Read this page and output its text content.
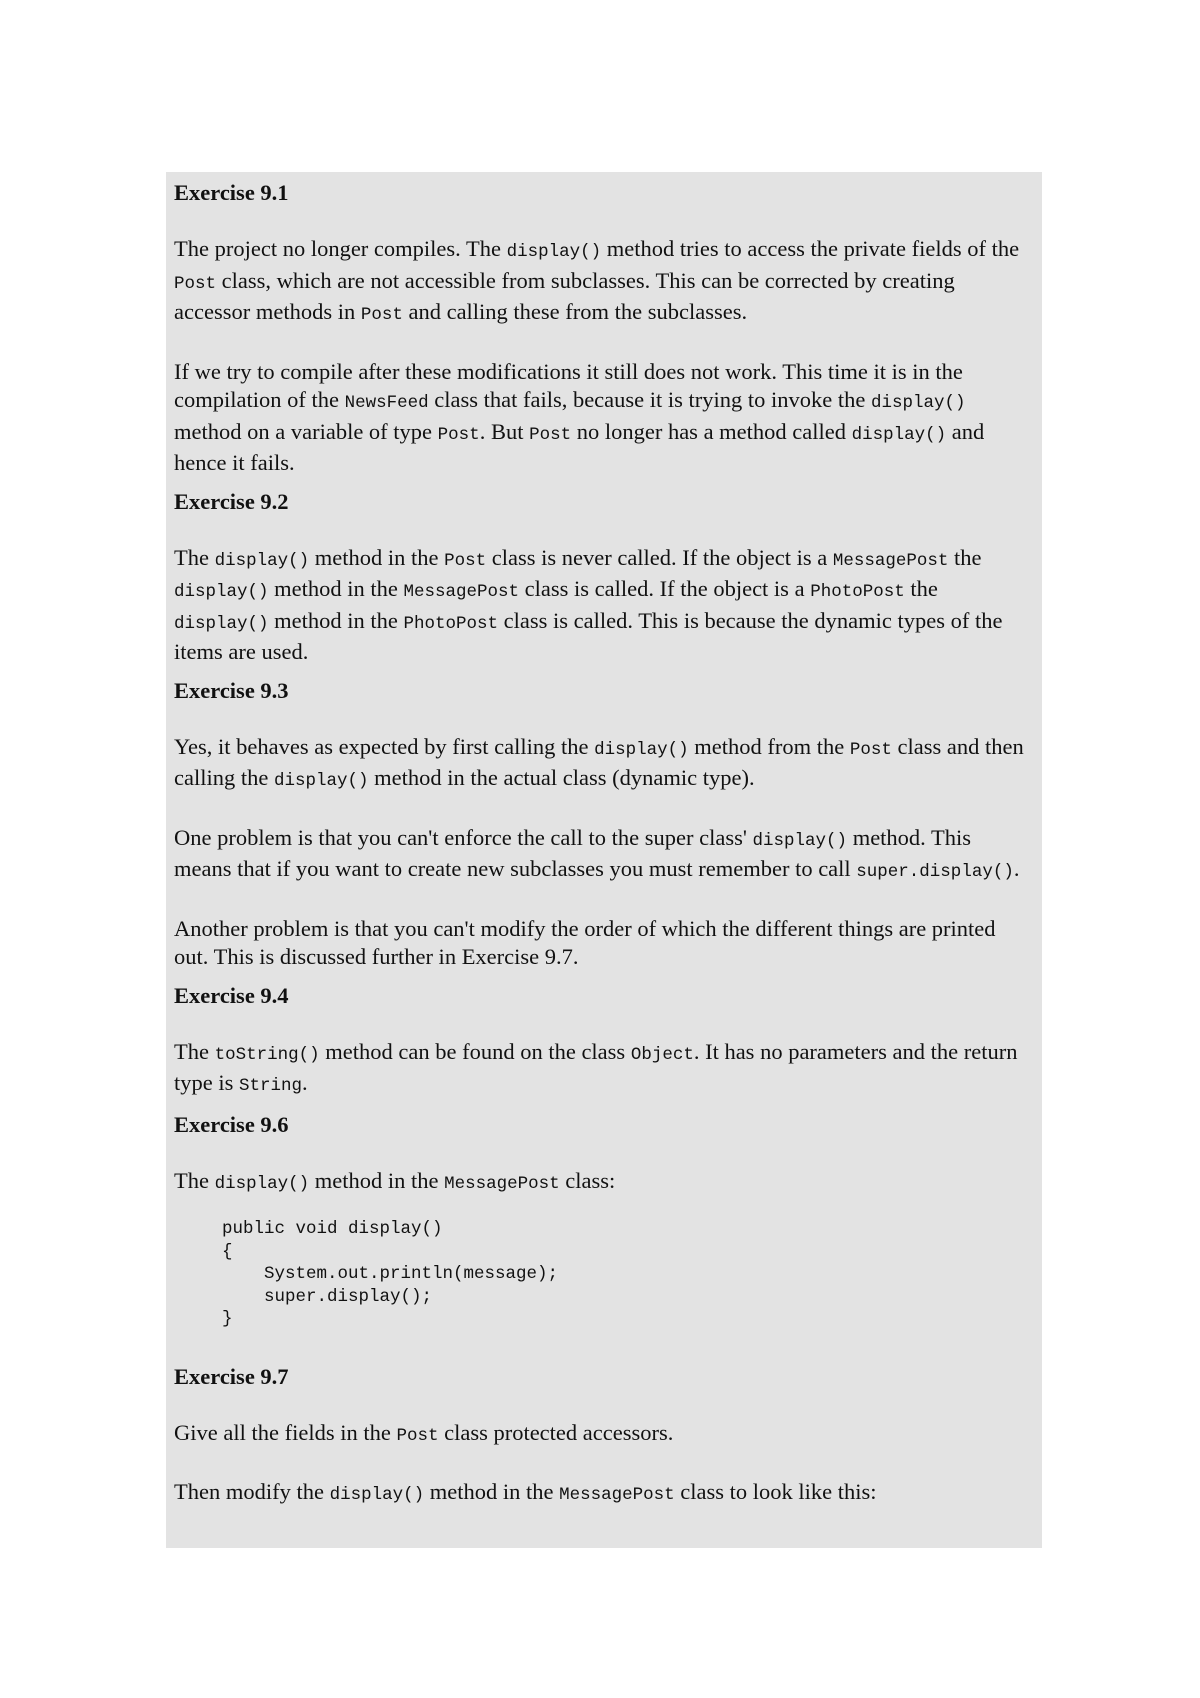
Exercise 9.1

The project no longer compiles. The display() method tries to access the private fields of the Post class, which are not accessible from subclasses. This can be corrected by creating accessor methods in Post and calling these from the subclasses.

If we try to compile after these modifications it still does not work. This time it is in the compilation of the NewsFeed class that fails, because it is trying to invoke the display() method on a variable of type Post. But Post no longer has a method called display() and hence it fails.

Exercise 9.2

The display() method in the Post class is never called. If the object is a MessagePost the display() method in the MessagePost class is called. If the object is a PhotoPost the display() method in the PhotoPost class is called. This is because the dynamic types of the items are used.

Exercise 9.3

Yes, it behaves as expected by first calling the display() method from the Post class and then calling the display() method in the actual class (dynamic type).

One problem is that you can't enforce the call to the super class' display() method. This means that if you want to create new subclasses you must remember to call super.display().

Another problem is that you can't modify the order of which the different things are printed out. This is discussed further in Exercise 9.7.

Exercise 9.4

The toString() method can be found on the class Object. It has no parameters and the return type is String.

Exercise 9.6

The display() method in the MessagePost class:

public void display()
{
System.out.println(message);
super.display();
}
Exercise 9.7

Give all the fields in the Post class protected accessors.

Then modify the display() method in the MessagePost class to look like this:
